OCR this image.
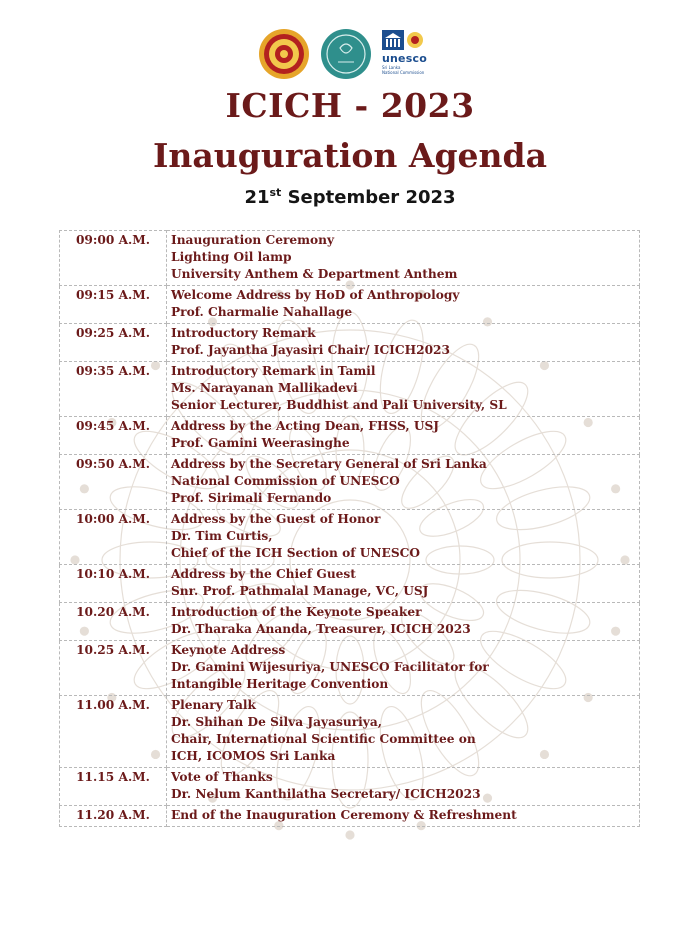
unesco
Sri Lanka
National Commission
ICICH - 2023
Inauguration Agenda
21st September 2023
09:00 A.M.	Inauguration Ceremony
Lighting Oil lamp
University Anthem & Department Anthem

09:15 A.M.	Welcome Address by HoD of Anthropology
Prof. Charmalie Nahallage

09:25 A.M.	Introductory Remark
Prof. Jayantha Jayasiri Chair/ ICICH2023

09:35 A.M.	Introductory Remark in Tamil
Ms. Narayanan Mallikadevi
Senior Lecturer, Buddhist and Pali University, SL

09:45 A.M.	Address by the Acting Dean, FHSS, USJ
Prof. Gamini Weerasinghe

09:50 A.M.	Address by the Secretary General of Sri Lanka
National Commission of UNESCO
Prof. Sirimali Fernando

10:00 A.M.	Address by the Guest of Honor
Dr. Tim Curtis,
Chief of the ICH Section of UNESCO

10:10 A.M.	Address by the Chief Guest
Snr. Prof. Pathmalal Manage, VC, USJ

10.20 A.M.	Introduction of the Keynote Speaker
Dr. Tharaka Ananda, Treasurer, ICICH 2023

10.25 A.M.	Keynote Address
Dr. Gamini Wijesuriya, UNESCO Facilitator for
Intangible Heritage Convention

11.00 A.M.	Plenary Talk
Dr. Shihan De Silva Jayasuriya,
Chair, International Scientific Committee on
ICH, ICOMOS Sri Lanka

11.15 A.M.	Vote of Thanks
Dr. Nelum Kanthilatha Secretary/ ICICH2023

11.20 A.M.	End of the Inauguration Ceremony & Refreshment
